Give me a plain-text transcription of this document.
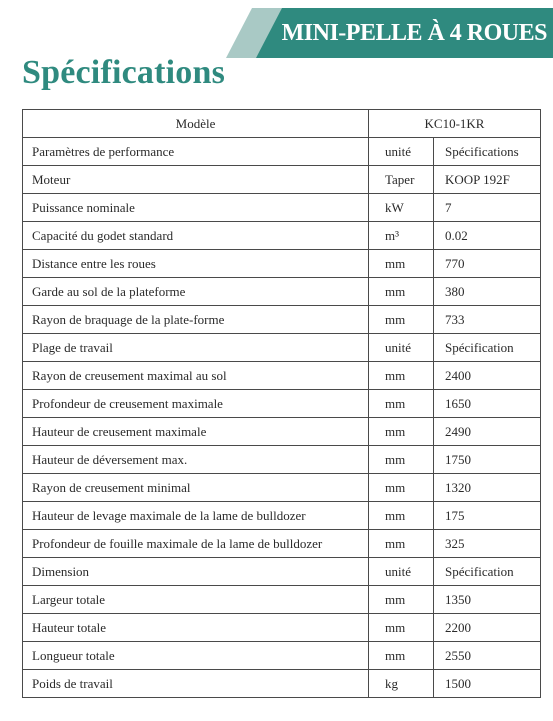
MINI-PELLE À 4 ROUES
Spécifications
Modèle	KC10-1KR	
Paramètres de performance	unité	Spécifications
Moteur	Taper	KOOP 192F
Puissance nominale	kW	7
Capacité du godet standard	m³	0.02
Distance entre les roues	mm	770
Garde au sol de la plateforme	mm	380
Rayon de braquage de la plate-forme	mm	733
Plage de travail	unité	Spécification
Rayon de creusement maximal au sol	mm	2400
Profondeur de creusement maximale	mm	1650
Hauteur de creusement maximale	mm	2490
Hauteur de déversement max.	mm	1750
Rayon de creusement minimal	mm	1320
Hauteur de levage maximale de la lame de bulldozer	mm	175
Profondeur de fouille maximale de la lame de bulldozer	mm	325
Dimension	unité	Spécification
Largeur totale	mm	1350
Hauteur totale	mm	2200
Longueur totale	mm	2550
Poids de travail	kg	1500
